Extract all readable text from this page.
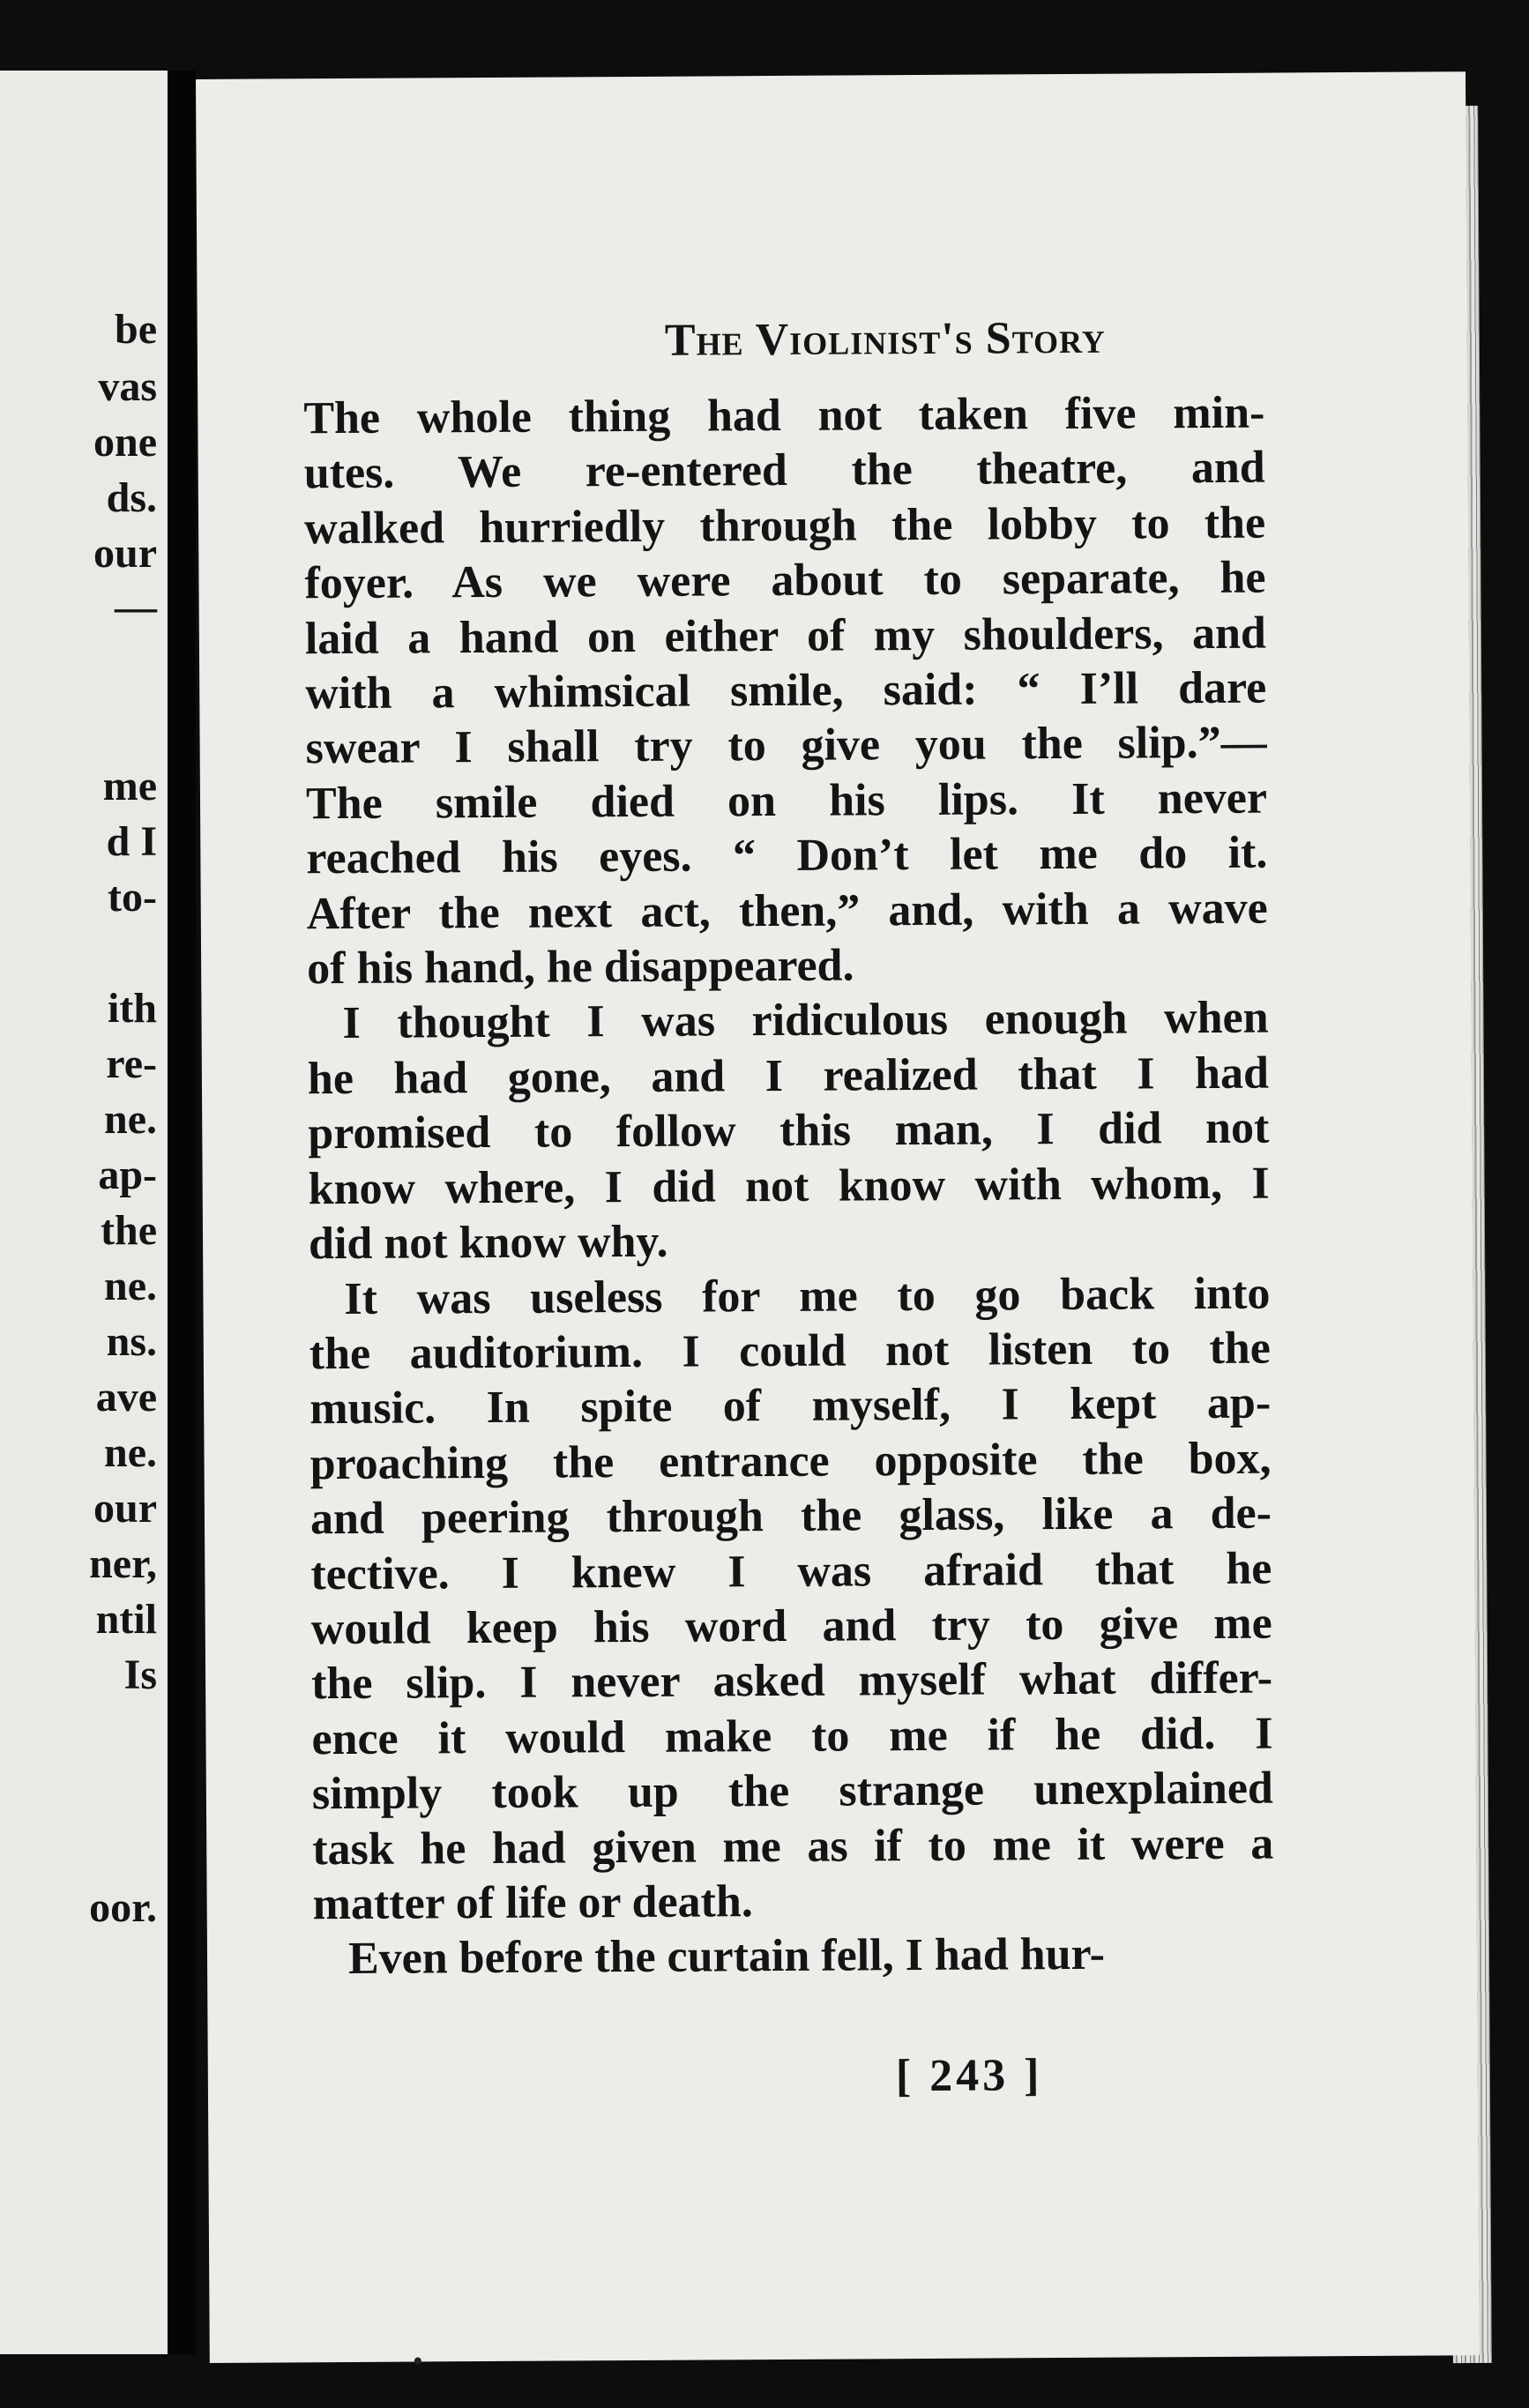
be
vas
one
ds.
our
—
me
d I
to-
ith
re-
ne.
ap-
the
ne.
ns.
ave
ne.
our
ner,
ntil
Is
oor.
The Violinist's Story
The whole thing had not taken five min-
utes. We re-entered the theatre, and
walked hurriedly through the lobby to the
foyer. As we were about to separate, he
laid a hand on either of my shoulders, and
with a whimsical smile, said: “ I’ll dare
swear I shall try to give you the slip.”—
The smile died on his lips. It never
reached his eyes. “ Don’t let me do it.
After the next act, then,” and, with a wave
of his hand, he disappeared.
I thought I was ridiculous enough when
he had gone, and I realized that I had
promised to follow this man, I did not
know where, I did not know with whom, I
did not know why.
It was useless for me to go back into
the auditorium. I could not listen to the
music. In spite of myself, I kept ap-
proaching the entrance opposite the box,
and peering through the glass, like a de-
tective. I knew I was afraid that he
would keep his word and try to give me
the slip. I never asked myself what differ-
ence it would make to me if he did. I
simply took up the strange unexplained
task he had given me as if to me it were a
matter of life or death.
Even before the curtain fell, I had hur-
[ 243 ]
